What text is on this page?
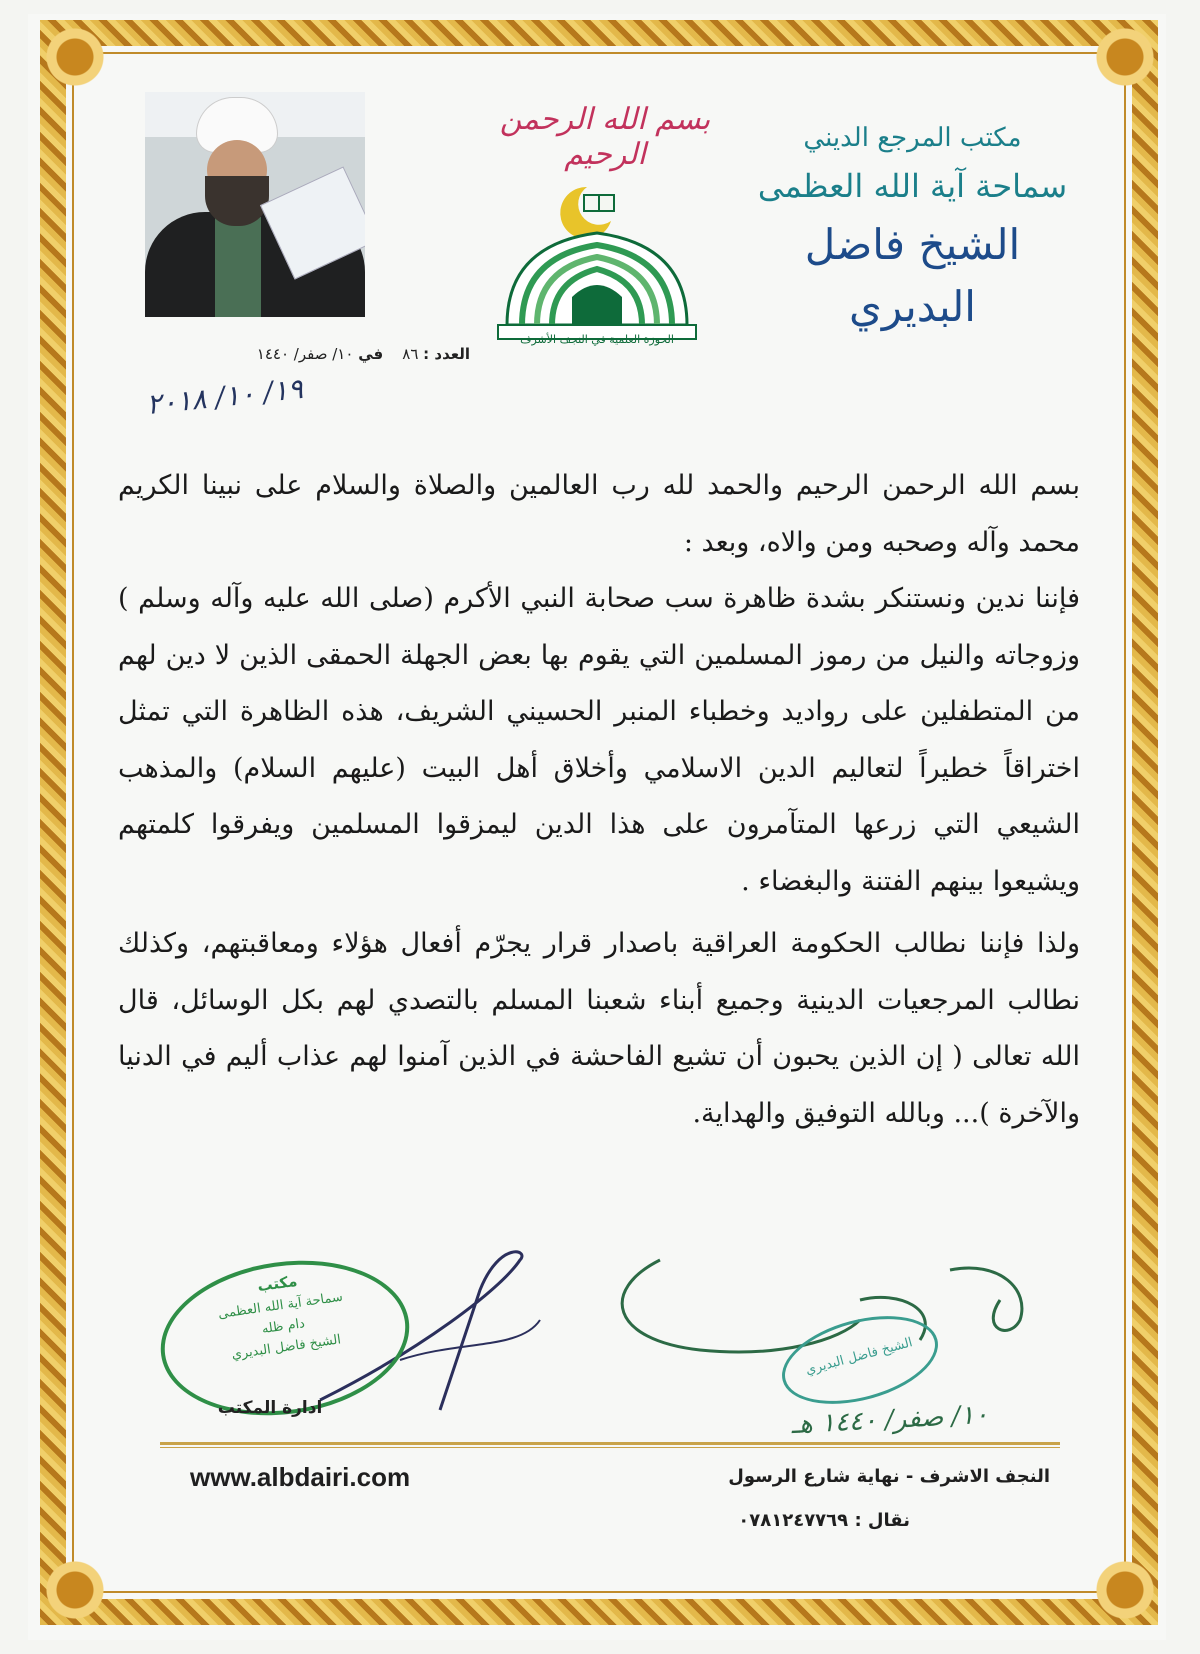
بسم الله الرحمن الرحيم
الحوزة العلمية في النجف الأشرف
مكتب المرجع الديني
سماحة آية الله العظمى
الشيخ فاضل البديري
العدد : ٨٦    في ١٠/ صفر/ ١٤٤٠
١٩/ ١٠/ ٢٠١٨

بسم الله الرحمن الرحيم والحمد لله رب العالمين والصلاة والسلام على نبينا الكريم محمد وآله وصحبه ومن والاه، وبعد :

فإننا ندين ونستنكر بشدة ظاهرة سب صحابة النبي الأكرم (صلى الله عليه وآله وسلم ) وزوجاته والنيل من رموز المسلمين التي يقوم بها بعض الجهلة الحمقى الذين لا دين لهم من المتطفلين على رواديد وخطباء المنبر الحسيني الشريف، هذه الظاهرة التي تمثل اختراقاً خطيراً لتعاليم الدين الاسلامي وأخلاق أهل البيت (عليهم السلام) والمذهب الشيعي التي زرعها المتآمرون على هذا الدين ليمزقوا المسلمين ويفرقوا كلمتهم ويشيعوا بينهم الفتنة والبغضاء .

ولذا فإننا نطالب الحكومة العراقية باصدار قرار يجرّم أفعال هؤلاء ومعاقبتهم، وكذلك نطالب المرجعيات الدينية وجميع أبناء شعبنا المسلم بالتصدي لهم بكل الوسائل، قال الله تعالى ( إن الذين يحبون أن تشيع الفاحشة في الذين آمنوا لهم عذاب أليم في الدنيا والآخرة )... وبالله التوفيق والهداية.

مكتب
سماحة آية الله العظمى
دام ظله
الشيخ فاضل البديري
ادارة المكتب
الشيخ فاضل البديري
١٠/ صفر/ ١٤٤٠ هـ
www.albdairi.com	النجف الاشرف - نهاية شارع الرسول
نقال : ٠٧٨١٢٤٧٧٦٩
